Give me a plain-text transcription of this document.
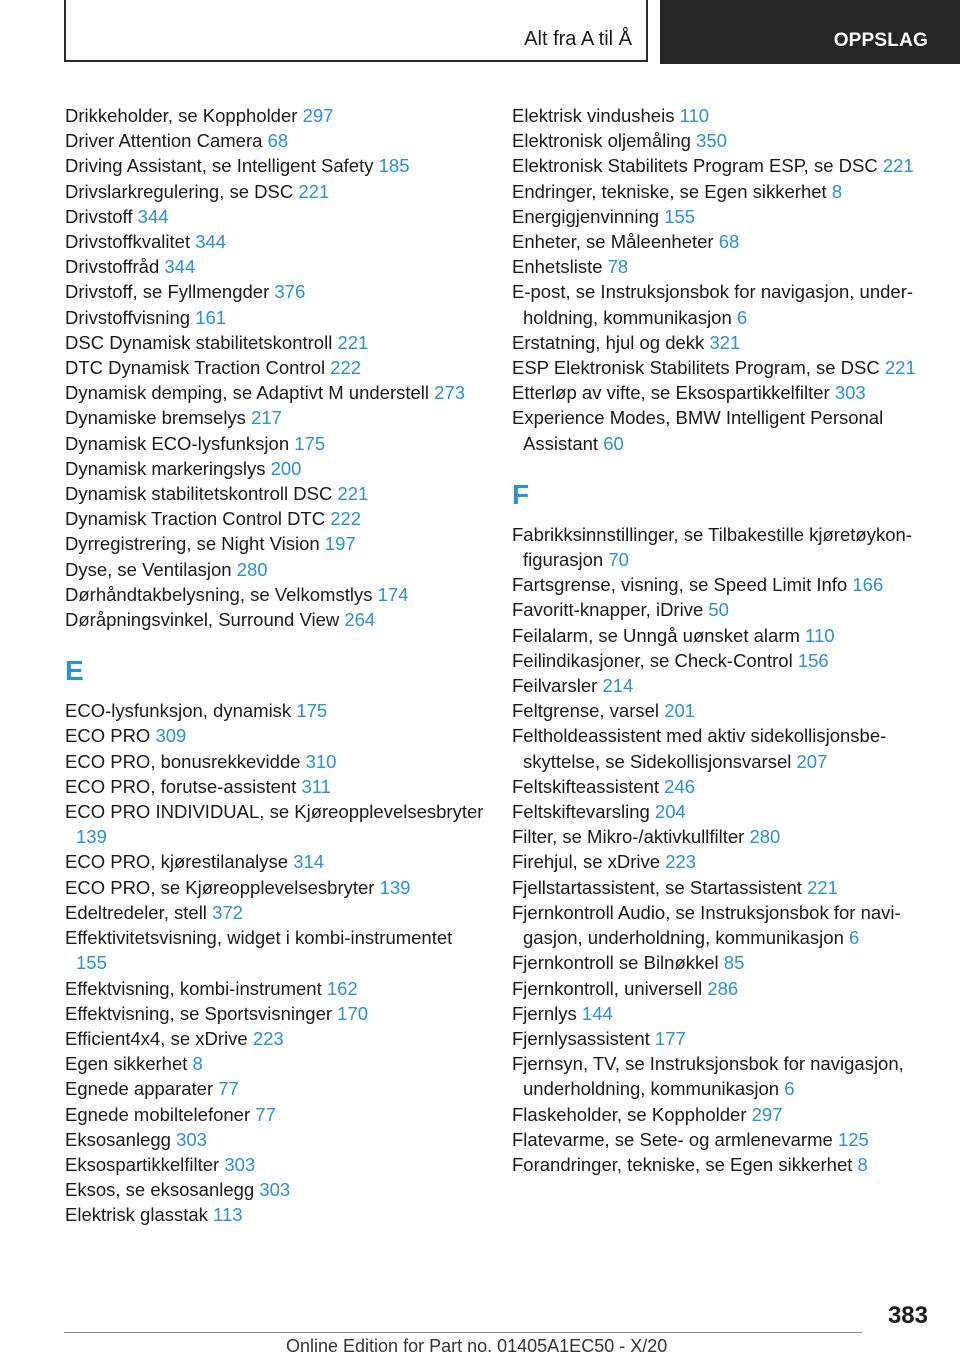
Alt fra A til Å	OPPSLAG
Drikkeholder, se Koppholder 297
Driver Attention Camera 68
Driving Assistant, se Intelligent Safety 185
Drivslarkregulering, se DSC 221
Drivstoff 344
Drivstoffkvalitet 344
Drivstoffråd 344
Drivstoff, se Fyllmengder 376
Drivstoffvisning 161
DSC Dynamisk stabilitetskontroll 221
DTC Dynamisk Traction Control 222
Dynamisk demping, se Adaptivt M understell 273
Dynamiske bremselys 217
Dynamisk ECO-lysfunksjon 175
Dynamisk markeringslys 200
Dynamisk stabilitetskontroll DSC 221
Dynamisk Traction Control DTC 222
Dyrregistrering, se Night Vision 197
Dyse, se Ventilasjon 280
Dørhåndtakbelysning, se Velkomstlys 174
Døråpningsvinkel, Surround View 264
E
ECO-lysfunksjon, dynamisk 175
ECO PRO 309
ECO PRO, bonusrekkevidde 310
ECO PRO, forutse-assistent 311
ECO PRO INDIVIDUAL, se Kjøreopplevelsesbryter 139
ECO PRO, kjørestilanalyse 314
ECO PRO, se Kjøreopplevelsesbryter 139
Edeltredeler, stell 372
Effektivitetsvisning, widget i kombi-instrumentet 155
Effektvisning, kombi-instrument 162
Effektvisning, se Sportsvisninger 170
Efficient4x4, se xDrive 223
Egen sikkerhet 8
Egnede apparater 77
Egnede mobiltelefoner 77
Eksosanlegg 303
Eksospartikkelfilter 303
Eksos, se eksosanlegg 303
Elektrisk glasstak 113
Elektrisk vindusheis 110
Elektronisk oljemåling 350
Elektronisk Stabilitets Program ESP, se DSC 221
Endringer, tekniske, se Egen sikkerhet 8
Energigjenvinning 155
Enheter, se Måleenheter 68
Enhetsliste 78
E-post, se Instruksjonsbok for navigasjon, underholdning, kommunikasjon 6
Erstatning, hjul og dekk 321
ESP Elektronisk Stabilitets Program, se DSC 221
Etterløp av vifte, se Eksospartikkelfilter 303
Experience Modes, BMW Intelligent Personal Assistant 60
F
Fabrikksinnstillinger, se Tilbakestille kjøretøykonfigurasjon 70
Fartsgrense, visning, se Speed Limit Info 166
Favoritt-knapper, iDrive 50
Feilalarm, se Unngå uønsket alarm 110
Feilindikasjoner, se Check-Control 156
Feilvarsler 214
Feltgrense, varsel 201
Feltholdeassistent med aktiv sidekollisjonsbeskyttelse, se Sidekollisjonsvarsel 207
Feltskifteassistent 246
Feltskiftevarsling 204
Filter, se Mikro-/aktivkullfilter 280
Firehjul, se xDrive 223
Fjellstartassistent, se Startassistent 221
Fjernkontroll Audio, se Instruksjonsbok for navigasjon, underholdning, kommunikasjon 6
Fjernkontroll se Bilnøkkel 85
Fjernkontroll, universell 286
Fjernlys 144
Fjernlysassistent 177
Fjernsyn, TV, se Instruksjonsbok for navigasjon, underholdning, kommunikasjon 6
Flaskeholder, se Koppholder 297
Flatevarme, se Sete- og armlenevarme 125
Forandringer, tekniske, se Egen sikkerhet 8
383
Online Edition for Part no. 01405A1EC50 - X/20
